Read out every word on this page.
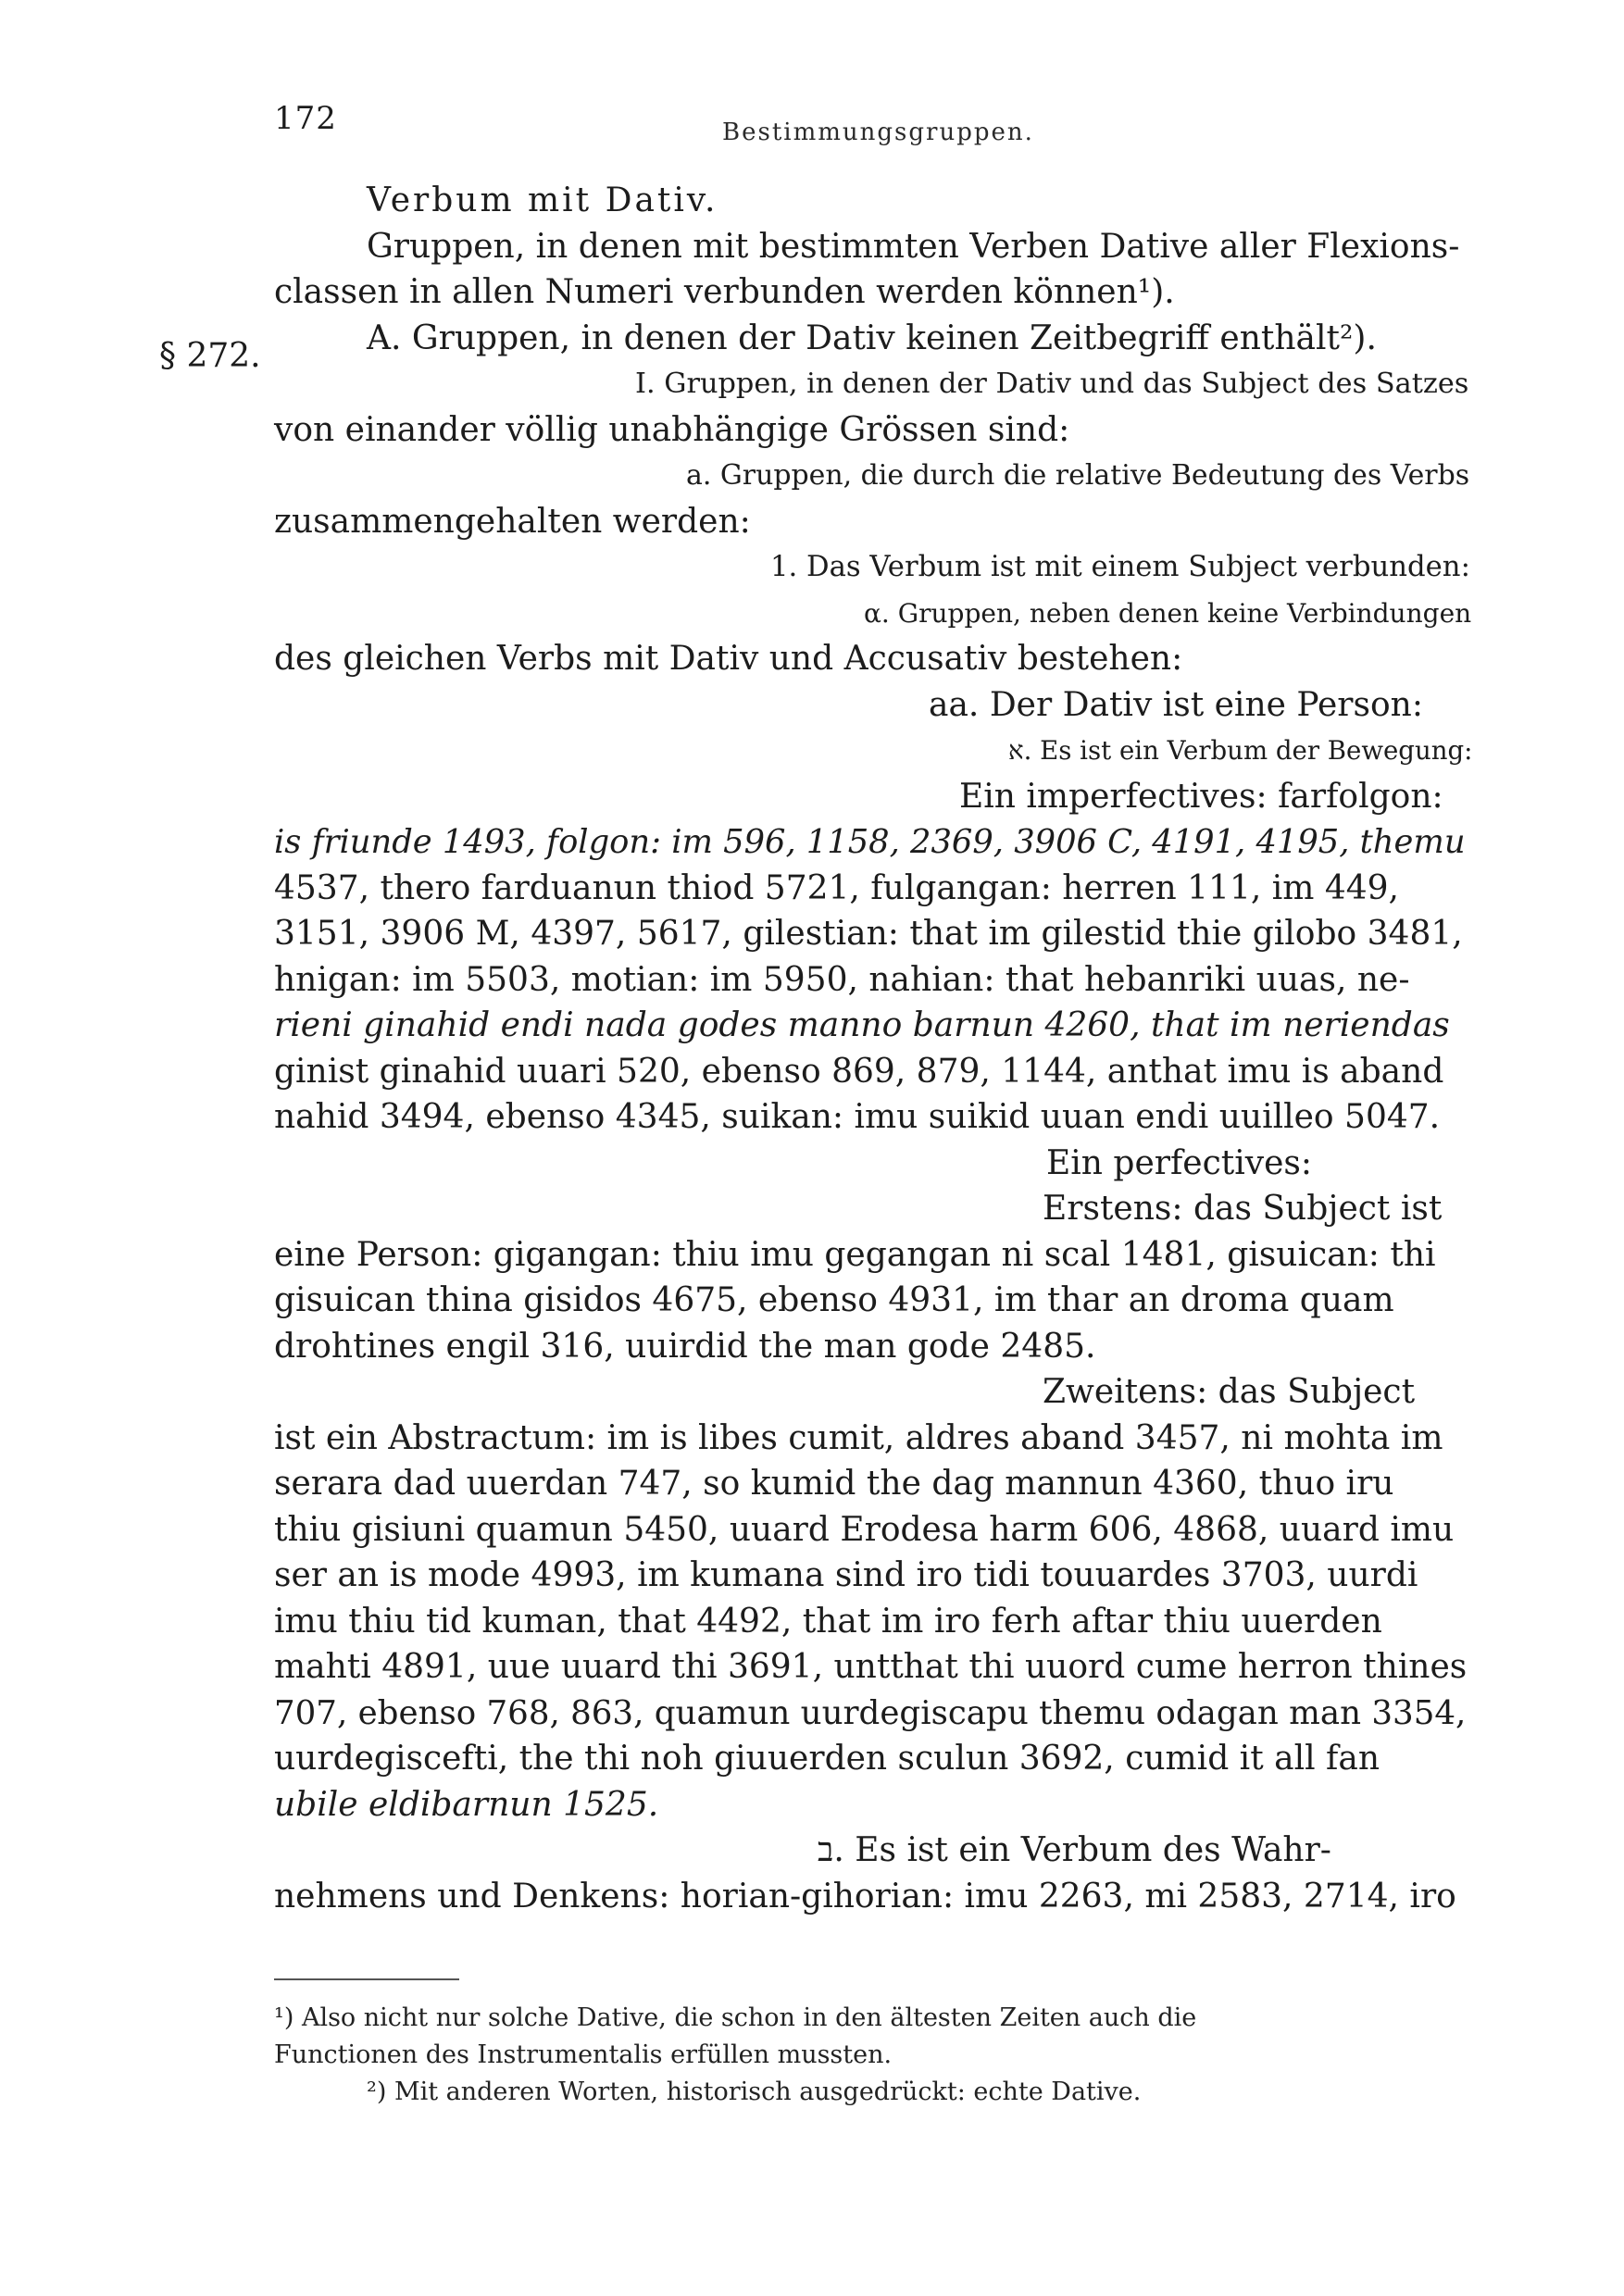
172	Bestimmungsgruppen.
§ 272.
Verbum mit Dativ.
Gruppen, in denen mit bestimmten Verben Dative aller Flexions-
classen in allen Numeri verbunden werden können¹).
A. Gruppen, in denen der Dativ keinen Zeitbegriff enthält²).
I. Gruppen, in denen der Dativ und das Subject des Satzes
von einander völlig unabhängige Grössen sind:
a. Gruppen, die durch die relative Bedeutung des Verbs
zusammengehalten werden:
1. Das Verbum ist mit einem Subject verbunden:
α. Gruppen, neben denen keine Verbindungen
des gleichen Verbs mit Dativ und Accusativ bestehen:
aa. Der Dativ ist eine Person:
א. Es ist ein Verbum der Bewegung:
Ein imperfectives: farfolgon:
is friunde 1493, folgon: im 596, 1158, 2369, 3906 C, 4191, 4195, themu
4537, thero farduanun thiod 5721, fulgangan: herren 111, im 449,
3151, 3906 M, 4397, 5617, gilestian: that im gilestid thie gilobo 3481,
hnigan: im 5503, motian: im 5950, nahian: that hebanriki uuas, ne-
rieni ginahid endi nada godes manno barnun 4260, that im neriendas
ginist ginahid uuari 520, ebenso 869, 879, 1144, anthat imu is aband
nahid 3494, ebenso 4345, suikan: imu suikid uuan endi uuilleo 5047.
Ein perfectives:
Erstens: das Subject ist
eine Person: gigangan: thiu imu gegangan ni scal 1481, gisuican: thi
gisuican thina gisidos 4675, ebenso 4931, im thar an droma quam
drohtines engil 316, uuirdid the man gode 2485.
Zweitens: das Subject
ist ein Abstractum: im is libes cumit, aldres aband 3457, ni mohta im
serara dad uuerdan 747, so kumid the dag mannun 4360, thuo iru
thiu gisiuni quamun 5450, uuard Erodesa harm 606, 4868, uuard imu
ser an is mode 4993, im kumana sind iro tidi touuardes 3703, uurdi
imu thiu tid kuman, that 4492, that im iro ferh aftar thiu uuerden
mahti 4891, uue uuard thi 3691, untthat thi uuord cume herron thines
707, ebenso 768, 863, quamun uurdegiscapu themu odagan man 3354,
uurdegiscefti, the thi noh giuuerden sculun 3692, cumid it all fan
ubile eldibarnun 1525.
ב. Es ist ein Verbum des Wahr-
nehmens und Denkens: horian-gihorian: imu 2263, mi 2583, 2714, iro
¹) Also nicht nur solche Dative, die schon in den ältesten Zeiten auch die
Functionen des Instrumentalis erfüllen mussten.
²) Mit anderen Worten, historisch ausgedrückt: echte Dative.
